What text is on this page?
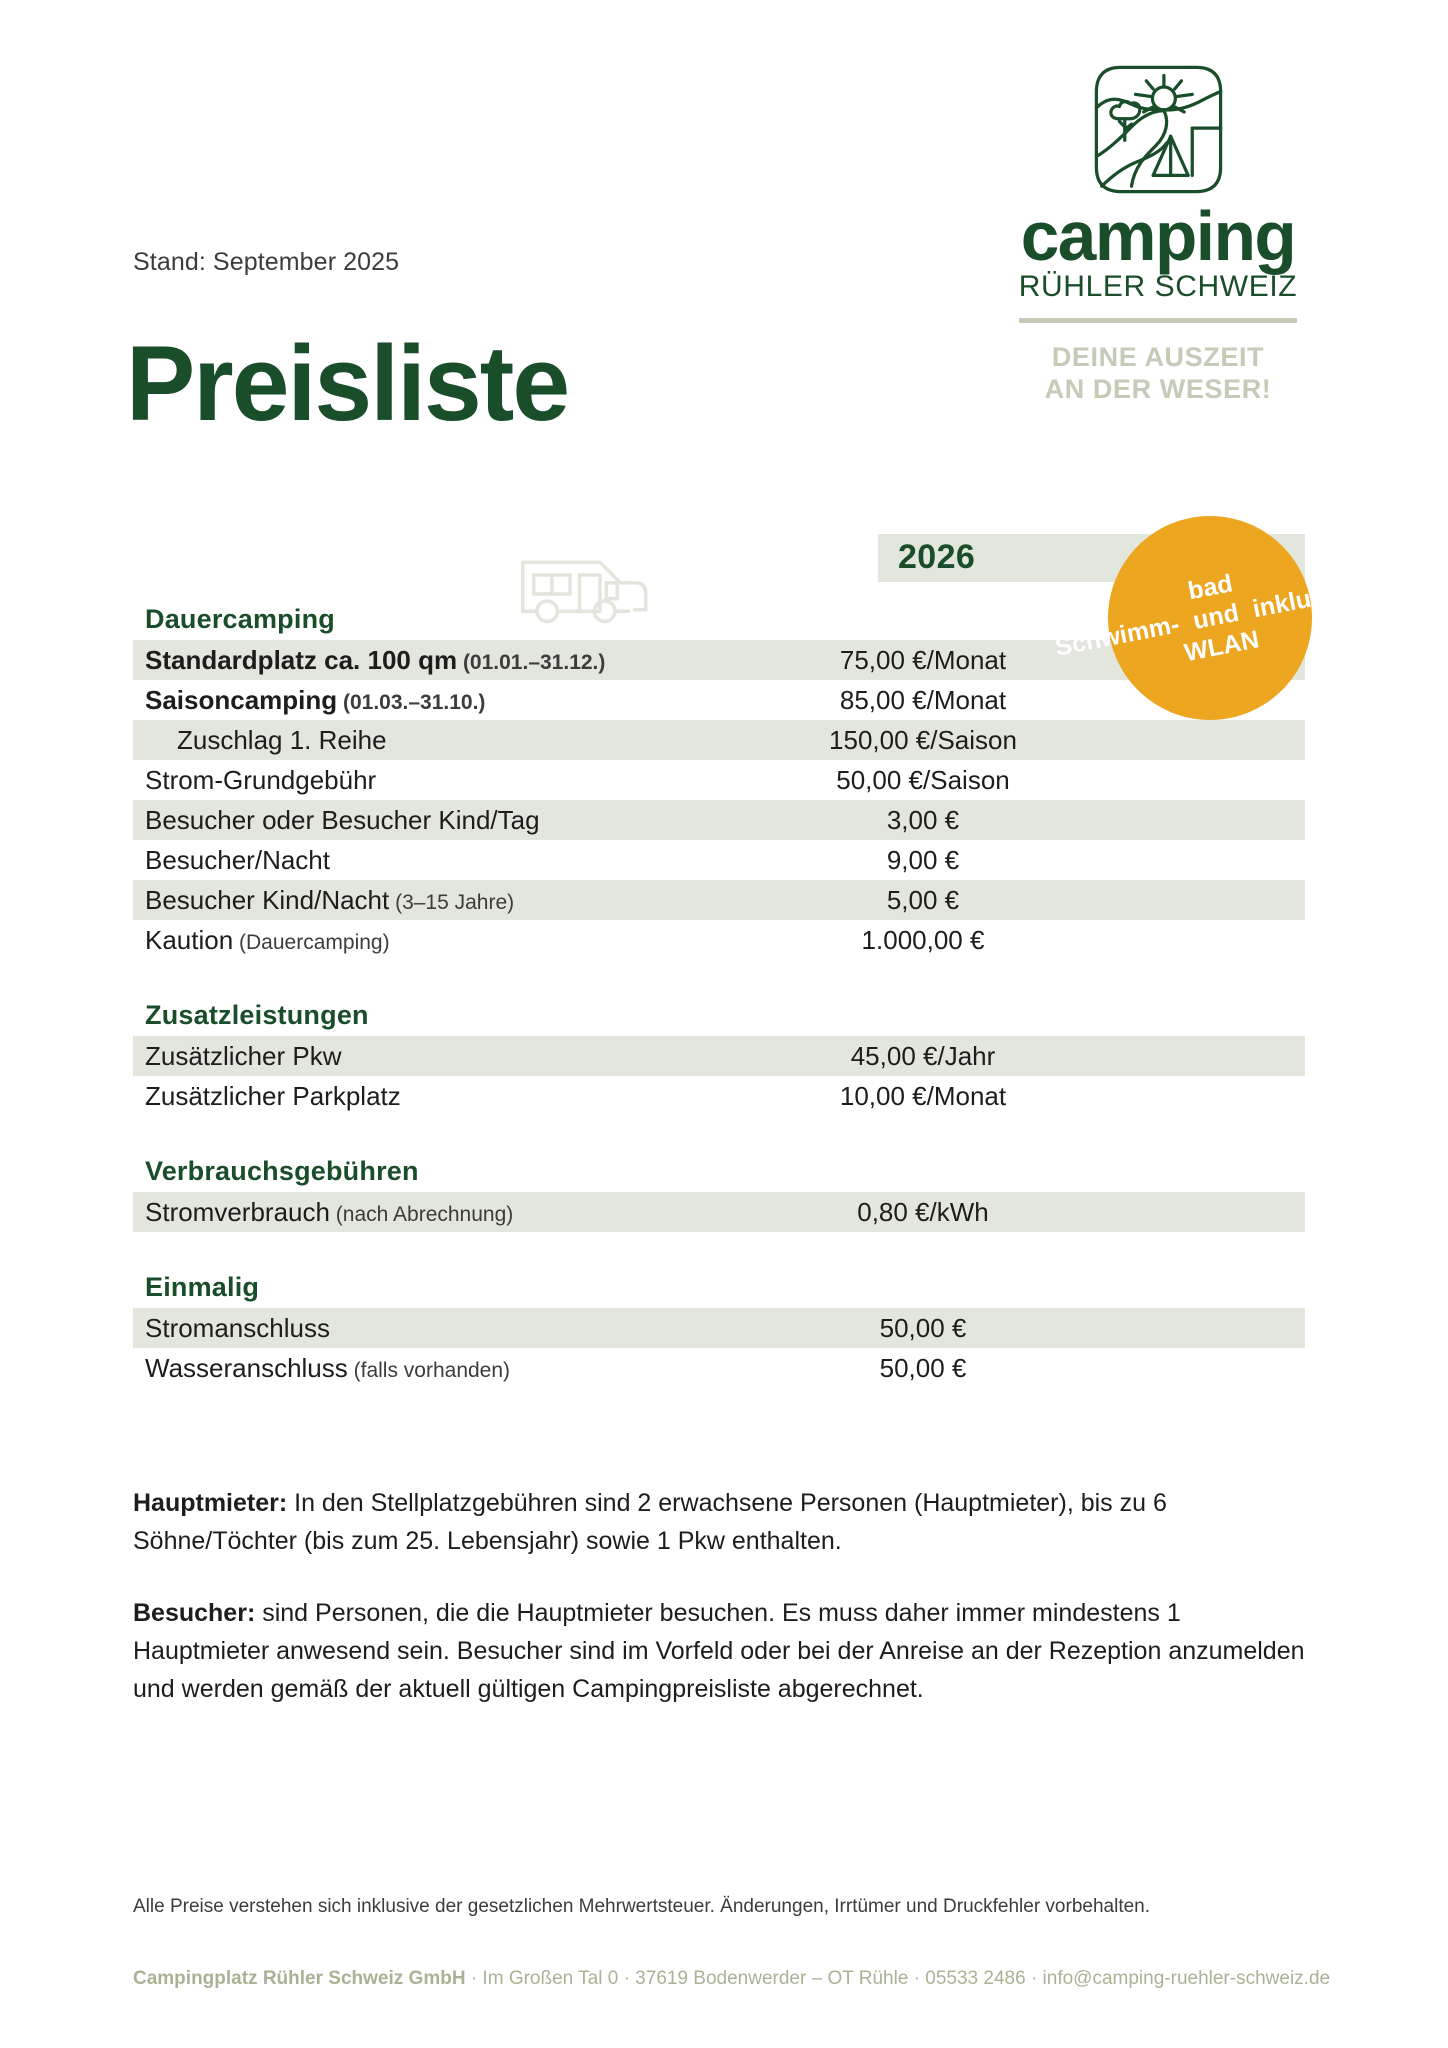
Stand: September 2025
Preisliste
camping
RÜHLER SCHWEIZ
DEINE AUSZEIT
AN DER WESER!
Schwimm-
bad und WLAN
inkludiert
2026
Dauercamping
Standardplatz ca. 100 qm (01.01.–31.12.)	75,00 €/Monat
Saisoncamping (01.03.–31.10.)	85,00 €/Monat
Zuschlag 1. Reihe	150,00 €/Saison
Strom-Grundgebühr	50,00 €/Saison
Besucher oder Besucher Kind/Tag	3,00 €
Besucher/Nacht	9,00 €
Besucher Kind/Nacht (3–15 Jahre)	5,00 €
Kaution (Dauercamping)	1.000,00 €
Zusatzleistungen
Zusätzlicher Pkw	45,00 €/Jahr
Zusätzlicher Parkplatz	10,00 €/Monat
Verbrauchsgebühren
Stromverbrauch (nach Abrechnung)	0,80 €/kWh
Einmalig
Stromanschluss	50,00 €
Wasseranschluss (falls vorhanden)	50,00 €

Hauptmieter: In den Stellplatzgebühren sind 2 erwachsene Personen (Hauptmieter), bis zu 6 Söhne/Töchter (bis zum 25. Lebensjahr) sowie 1 Pkw enthalten.

Besucher: sind Personen, die die Hauptmieter besuchen. Es muss daher immer mindestens 1 Hauptmieter anwesend sein. Besucher sind im Vorfeld oder bei der Anreise an der Rezeption anzumelden und werden gemäß der aktuell gültigen Campingpreisliste abgerechnet.

Alle Preise verstehen sich inklusive der gesetzlichen Mehrwertsteuer. Änderungen, Irrtümer und Druckfehler vorbehalten.
Campingplatz Rühler Schweiz GmbH · Im Großen Tal 0 · 37619 Bodenwerder – OT Rühle · 05533 2486 · info@camping-ruehler-schweiz.de
